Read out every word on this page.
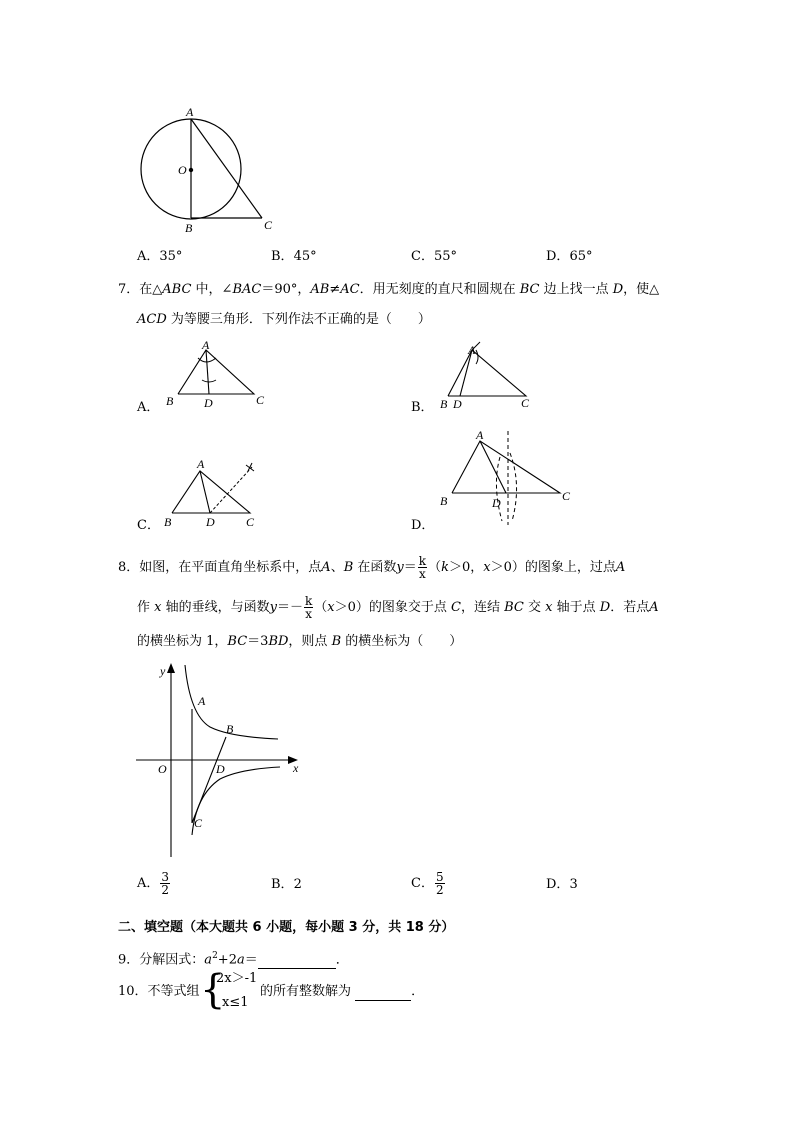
A
O
B	C
A．35°	B．45°	C．55°	D．65°
7．在△ABC 中，∠BAC＝90°，AB≠AC．用无刻度的直尺和圆规在 BC 边上找一点 D，使△
ACD 为等腰三角形．下列作法不正确的是（　　）
A．
A
B	D	C	B．
A
B D	C
C．
A
B	D	C	D．
A
B	D	C
8．如图，在平面直角坐标系中，点A、B 在函数$y= \frac{k}{x} (k>0$，x＞0）的图象上，过点A
作 x 轴的垂线，与函数$y=- \frac{k}{x} (x>0)$的图象交于点 C，连结 BC 交 x 轴于点 D．若点A
的横坐标为 1，BC＝3BD，则点 B 的横坐标为（　　）
y
x
O
A
B
C
D
A． $\frac{3}{2}$	B．2	C． $\frac{5}{2}$	D．3
二、填空题（本大题共 6 小题，每小题 3 分，共 18 分）
9．分解因式：$a^2+2a=$	．
10．不等式组 {
2x＞-1
x≤1
的所有整数解为	．
